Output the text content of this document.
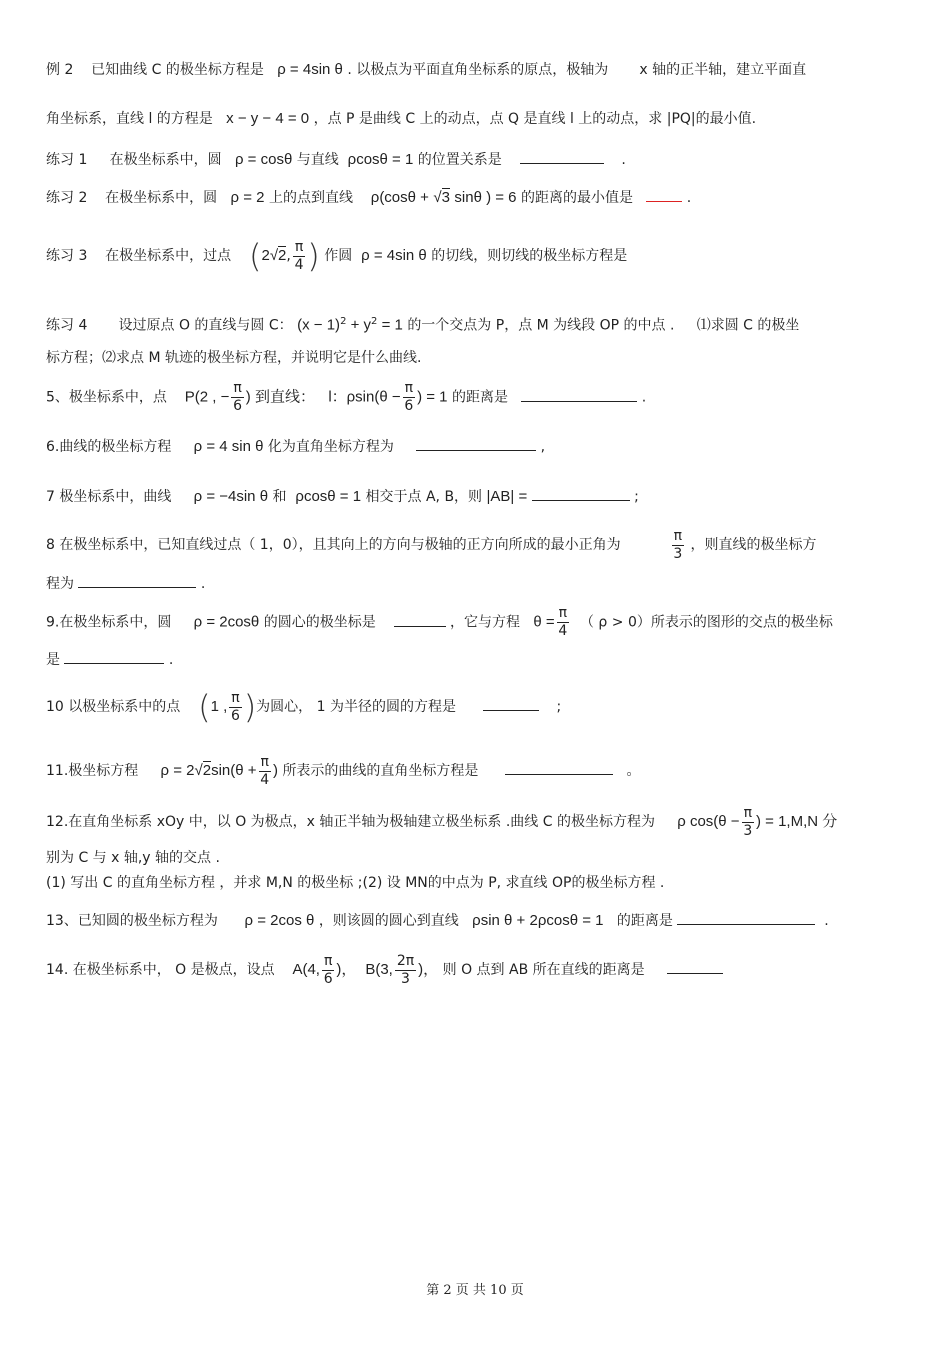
例 2 已知曲线 C 的极坐标方程是 ρ = 4sin θ . 以极点为平面直角坐标系的原点，极轴为 x 轴的正半轴，建立平面直
角坐标系，直线 l 的方程是 x − y − 4 = 0 ，点 P 是曲线 C 上的动点，点 Q 是直线 l 上的动点，求 |PQ|的最小值.
练习 1 在极坐标系中，圆 ρ = cosθ 与直线 ρcosθ = 1 的位置关系是	.
练习 2 在极坐标系中，圆 ρ = 2 上的点到直线 ρ(cosθ + √3 sinθ ) = 6 的距离的最小值是	.
练习 3 在极坐标系中，过点 (2√2, $\frac{\pi}{4}$ ) 作圆 ρ = 4sin θ 的切线，则切线的极坐标方程是
练习 4 设过原点 O 的直线与圆 C： $(x - 1)^2 + y^2 = 1$ 的一个交点为 P，点 M 为线段 OP 的中点 . ⑴求圆 C 的极坐
标方程；⑵求点 M 轨迹的极坐标方程，并说明它是什么曲线.
5、极坐标系中，点 P(2 , − $\frac{\pi}{6}$ ) 到直线： l：$\rho\sin(\theta - \frac{\pi}{6}$ ) = 1 的距离是	.
6.曲线的极坐标方程 ρ = 4 sin θ 化为直角坐标方程为	,
7 极坐标系中，曲线 ρ = −4sin θ 和 ρcosθ = 1 相交于点 A, B，则 |AB| =	;
8 在极坐标系中，已知直线过点（ 1，0），且其向上的方向与极轴的正方向所成的最小正角为	$\frac{\pi}{3}$ ，则直线的极坐标方
程为	.
9.在极坐标系中，圆 ρ = 2cosθ 的圆心的极坐标是	，它与方程 $\theta = \frac{\pi}{4}$ （ ρ > 0）所表示的图形的交点的极坐标
是	.
10 以极坐标系中的点 (1 , $\frac{\pi}{6}$ )为圆心， 1 为半径的圆的方程是	;
11.极坐标方程 $\rho = 2√2\sin(\theta + \frac{\pi}{4}$ ) 所表示的曲线的直角坐标方程是	。
12.在直角坐标系 xOy 中，以 O 为极点，x 轴正半轴为极轴建立极坐标系 .曲线 C 的极坐标方程为 ρ $\cos(\theta - \frac{\pi}{3}$ ) = 1,M,N 分
别为 C 与 x 轴,y 轴的交点 .
(1) 写出 C 的直角坐标方程 ，并求 M,N 的极坐标 ;(2) 设 MN的中点为 P, 求直线 OP的极坐标方程 .
13、已知圆的极坐标方程为 ρ = 2cos θ ，则该圆的圆心到直线 ρsin θ + 2ρcosθ = 1 的距离是	.
14. 在极坐标系中， O 是极点，设点 A(4, $\frac{\pi}{6}$ )， B(3, $\frac{2\pi}{3}$ )， 则 O 点到 AB 所在直线的距离是
第 2 页 共 10 页
